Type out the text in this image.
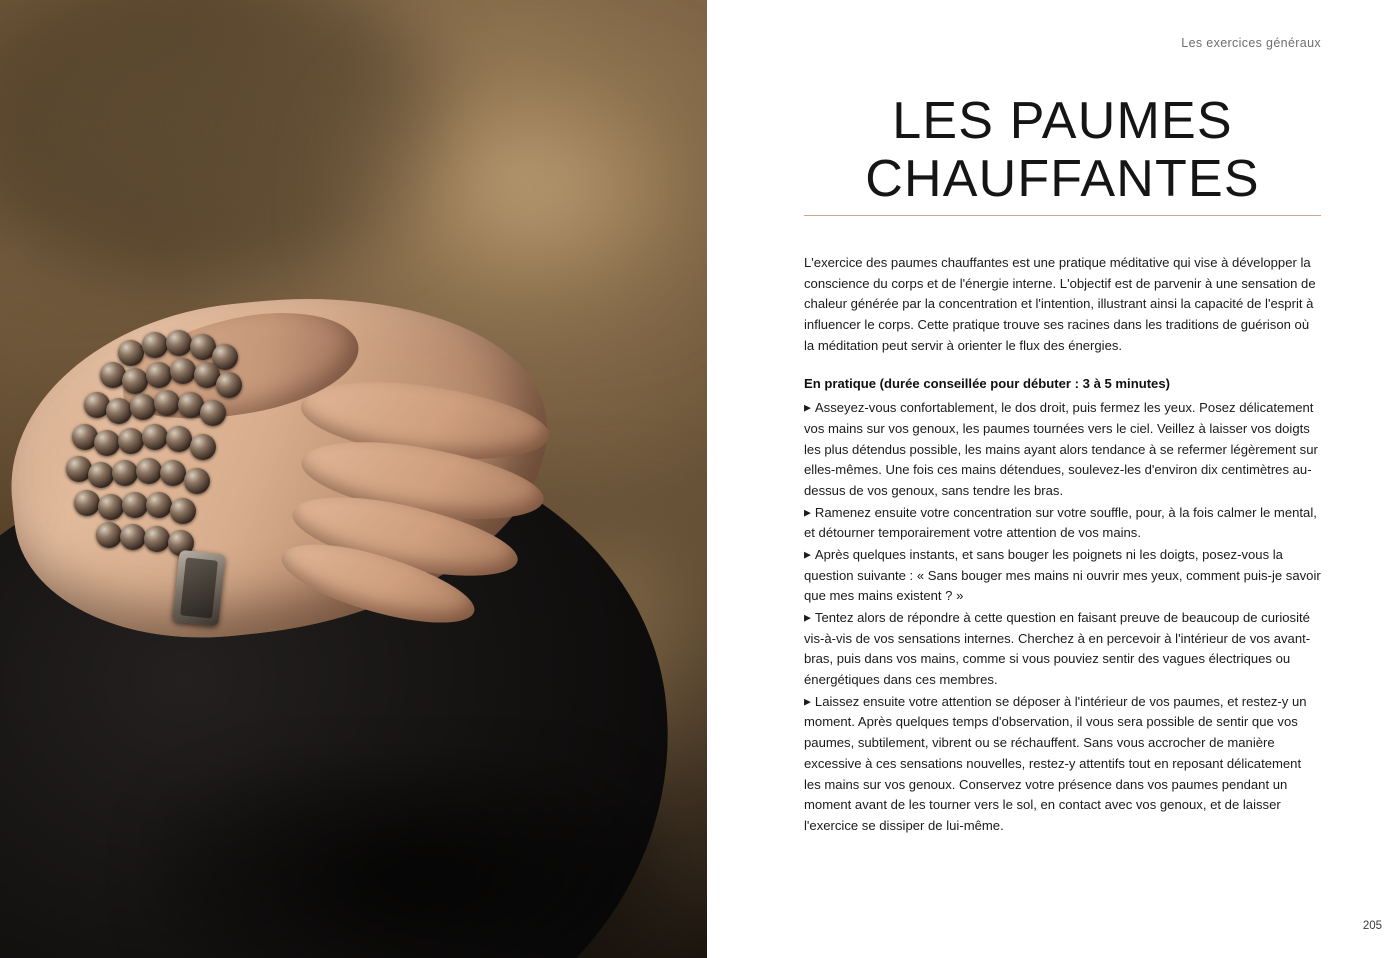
Les exercices généraux
LES PAUMES
CHAUFFANTES

L'exercice des paumes chauffantes est une pratique méditative qui vise à développer la conscience du corps et de l'énergie interne. L'objectif est de parvenir à une sensation de chaleur générée par la concentration et l'intention, illustrant ainsi la capacité de l'esprit à influencer le corps. Cette pratique trouve ses racines dans les traditions de guérison où la méditation peut servir à orienter le flux des énergies.

En pratique (durée conseillée pour débuter : 3 à 5 minutes)
▶ Asseyez-vous confortablement, le dos droit, puis fermez les yeux. Posez délicatement vos mains sur vos genoux, les paumes tournées vers le ciel. Veillez à laisser vos doigts les plus détendus possible, les mains ayant alors tendance à se refermer légèrement sur elles-mêmes. Une fois ces mains détendues, soulevez-les d'environ dix centimètres au-dessus de vos genoux, sans tendre les bras.
▶ Ramenez ensuite votre concentration sur votre souffle, pour, à la fois calmer le mental, et détourner temporairement votre attention de vos mains.
▶ Après quelques instants, et sans bouger les poignets ni les doigts, posez-vous la question suivante : « Sans bouger mes mains ni ouvrir mes yeux, comment puis-je savoir que mes mains existent ? »
▶ Tentez alors de répondre à cette question en faisant preuve de beaucoup de curiosité vis-à-vis de vos sensations internes. Cherchez à en percevoir à l'intérieur de vos avant-bras, puis dans vos mains, comme si vous pouviez sentir des vagues électriques ou énergétiques dans ces membres.
▶ Laissez ensuite votre attention se déposer à l'intérieur de vos paumes, et restez-y un moment. Après quelques temps d'observation, il vous sera possible de sentir que vos paumes, subtilement, vibrent ou se réchauffent. Sans vous accrocher de manière excessive à ces sensations nouvelles, restez-y attentifs tout en reposant délicatement les mains sur vos genoux. Conservez votre présence dans vos paumes pendant un moment avant de les tourner vers le sol, en contact avec vos genoux, et de laisser l'exercice se dissiper de lui-même.
205
